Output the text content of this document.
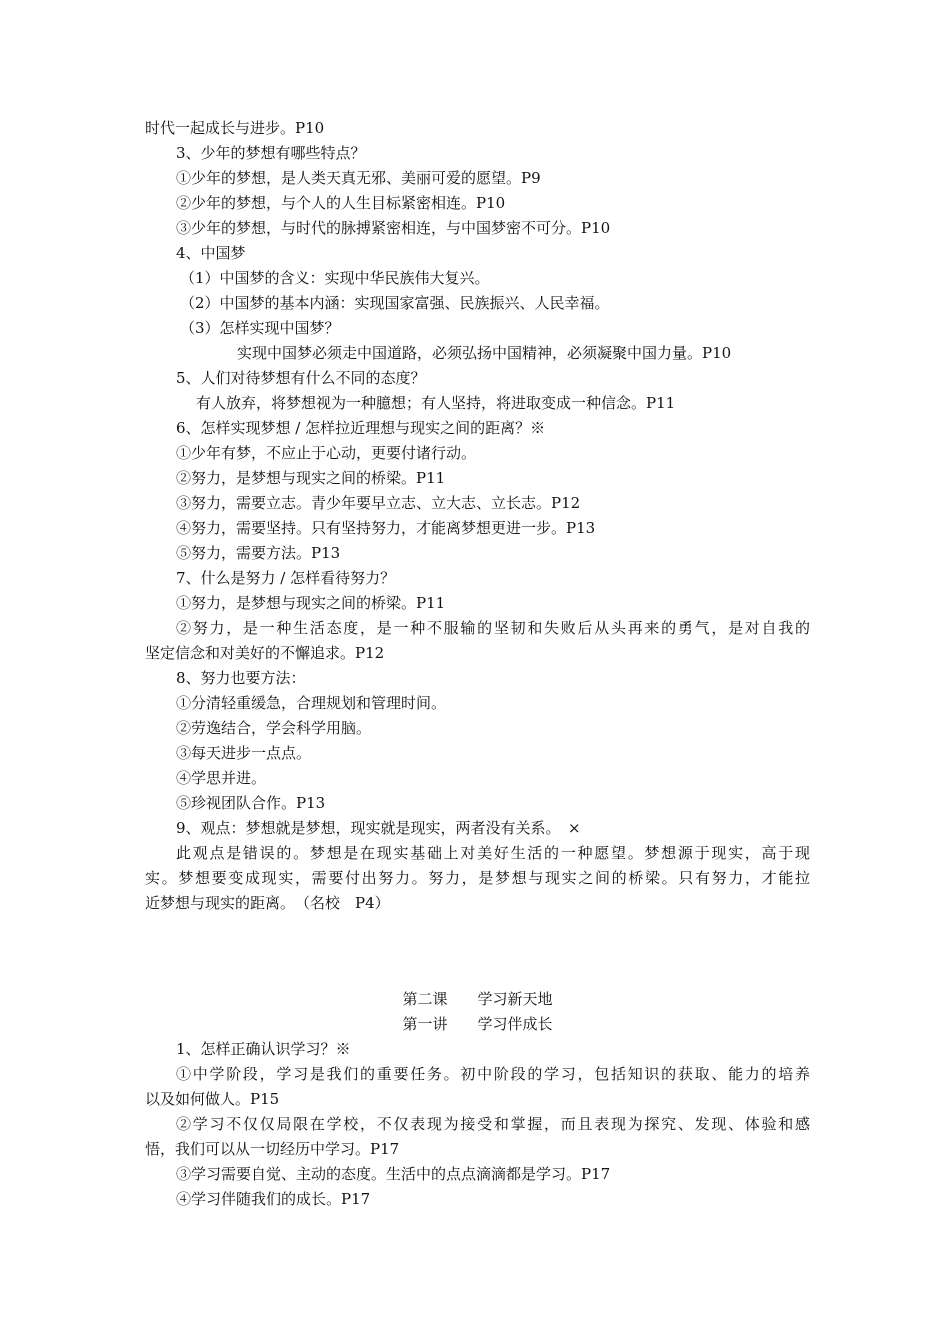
时代一起成长与进步。P10
3、少年的梦想有哪些特点？
①少年的梦想，是人类天真无邪、美丽可爱的愿望。P9
②少年的梦想，与个人的人生目标紧密相连。P10
③少年的梦想，与时代的脉搏紧密相连，与中国梦密不可分。P10
4、中国梦
（1）中国梦的含义：实现中华民族伟大复兴。
（2）中国梦的基本内涵：实现国家富强、民族振兴、人民幸福。
（3）怎样实现中国梦？
实现中国梦必须走中国道路，必须弘扬中国精神，必须凝聚中国力量。P10
5、人们对待梦想有什么不同的态度？
有人放弃，将梦想视为一种臆想；有人坚持，将进取变成一种信念。P11
6、怎样实现梦想 / 怎样拉近理想与现实之间的距离？※
①少年有梦，不应止于心动，更要付诸行动。
②努力，是梦想与现实之间的桥梁。P11
③努力，需要立志。青少年要早立志、立大志、立长志。P12
④努力，需要坚持。只有坚持努力，才能离梦想更进一步。P13
⑤努力，需要方法。P13
7、什么是努力 / 怎样看待努力？
①努力，是梦想与现实之间的桥梁。P11
②努力，是一种生活态度，是一种不服输的坚韧和失败后从头再来的勇气，是对自我的
坚定信念和对美好的不懈追求。P12
8、努力也要方法：
①分清轻重缓急，合理规划和管理时间。
②劳逸结合，学会科学用脑。
③每天进步一点点。
④学思并进。
⑤珍视团队合作。P13
9、观点：梦想就是梦想，现实就是现实，两者没有关系。　×
此观点是错误的。梦想是在现实基础上对美好生活的一种愿望。梦想源于现实，高于现
实。梦想要变成现实，需要付出努力。努力，是梦想与现实之间的桥梁。只有努力，才能拉
近梦想与现实的距离。　（名校　P4）
第二课　　学习新天地
第一讲　　学习伴成长
1、怎样正确认识学习？※
①中学阶段，学习是我们的重要任务。初中阶段的学习，包括知识的获取、能力的培养
以及如何做人。P15
②学习不仅仅局限在学校，不仅表现为接受和掌握，而且表现为探究、发现、体验和感
悟，我们可以从一切经历中学习。P17
③学习需要自觉、主动的态度。生活中的点点滴滴都是学习。P17
④学习伴随我们的成长。P17
